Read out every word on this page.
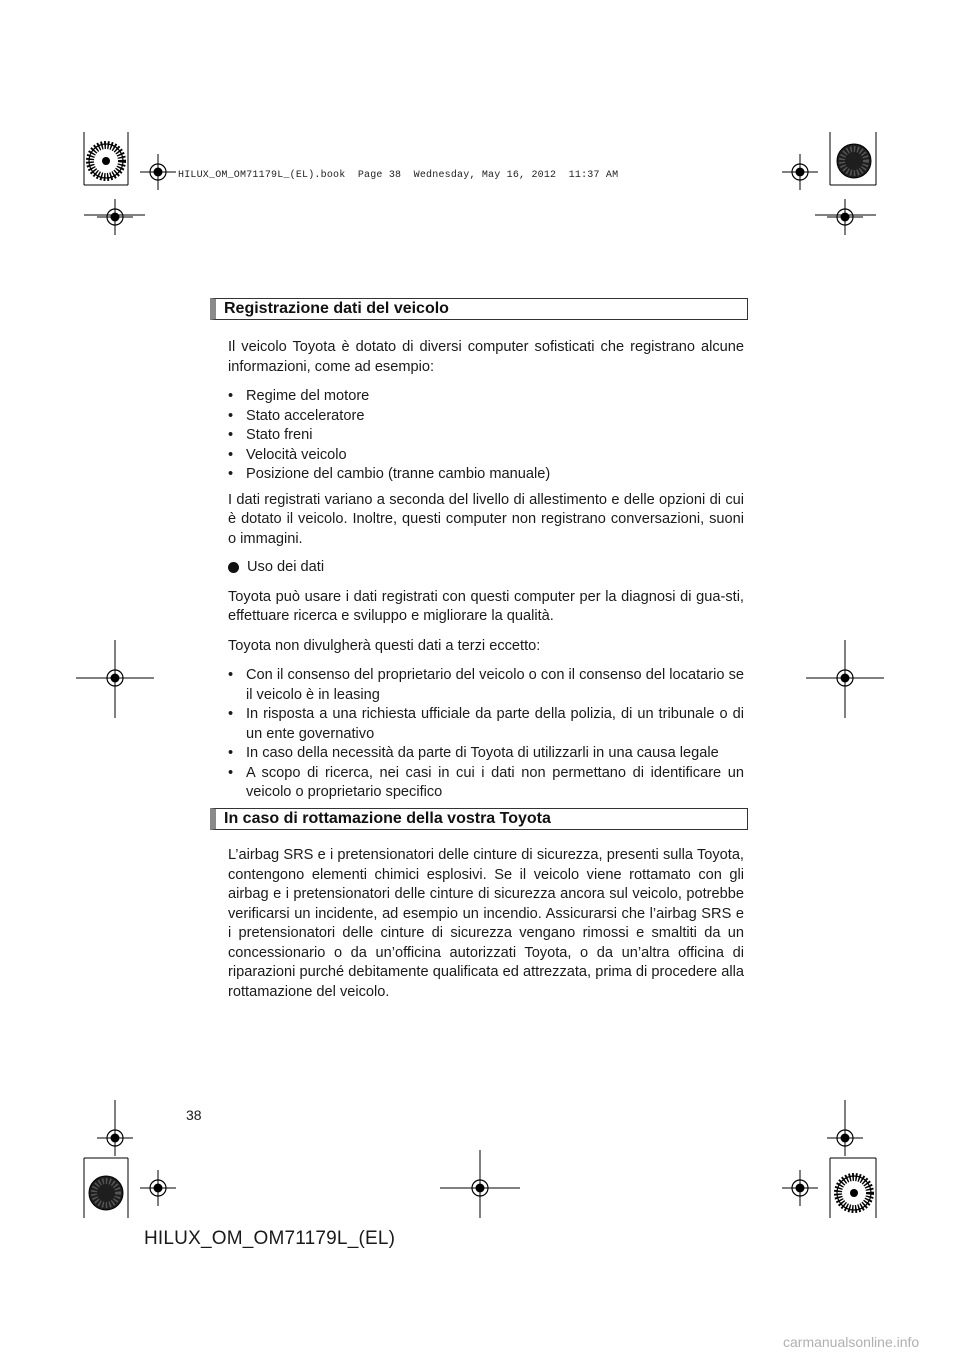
HILUX_OM_OM71179L_(EL).book  Page 38  Wednesday, May 16, 2012  11:37 AM
Registrazione dati del veicolo

Il veicolo Toyota è dotato di diversi computer sofisticati che registrano alcune informazioni, come ad esempio:

• Regime del motore
• Stato acceleratore
• Stato freni
• Velocità veicolo
• Posizione del cambio (tranne cambio manuale)

I dati registrati variano a seconda del livello di allestimento e delle opzioni di cui è dotato il veicolo. Inoltre, questi computer non registrano conversazioni, suoni o immagini.

Uso dei dati

Toyota può usare i dati registrati con questi computer per la diagnosi di gua-sti, effettuare ricerca e sviluppo e migliorare la qualità.

Toyota non divulgherà questi dati a terzi eccetto:

• Con il consenso del proprietario del veicolo o con il consenso del locatario se il veicolo è in leasing
• In risposta a una richiesta ufficiale da parte della polizia, di un tribunale o di un ente governativo
• In caso della necessità da parte di Toyota di utilizzarli in una causa legale
• A scopo di ricerca, nei casi in cui i dati non permettano di identificare un veicolo o proprietario specifico
In caso di rottamazione della vostra Toyota

L’airbag SRS e i pretensionatori delle cinture di sicurezza, presenti sulla Toyota, contengono elementi chimici esplosivi. Se il veicolo viene rottamato con gli airbag e i pretensionatori delle cinture di sicurezza ancora sul veicolo, potrebbe verificarsi un incidente, ad esempio un incendio. Assicurarsi che l’airbag SRS e i pretensionatori delle cinture di sicurezza vengano rimossi e smaltiti da un concessionario o da un’officina autorizzati Toyota, o da un’altra officina di riparazioni purché debitamente qualificata ed attrezzata, prima di procedere alla rottamazione del veicolo.

38
HILUX_OM_OM71179L_(EL)
carmanualsonline.info
